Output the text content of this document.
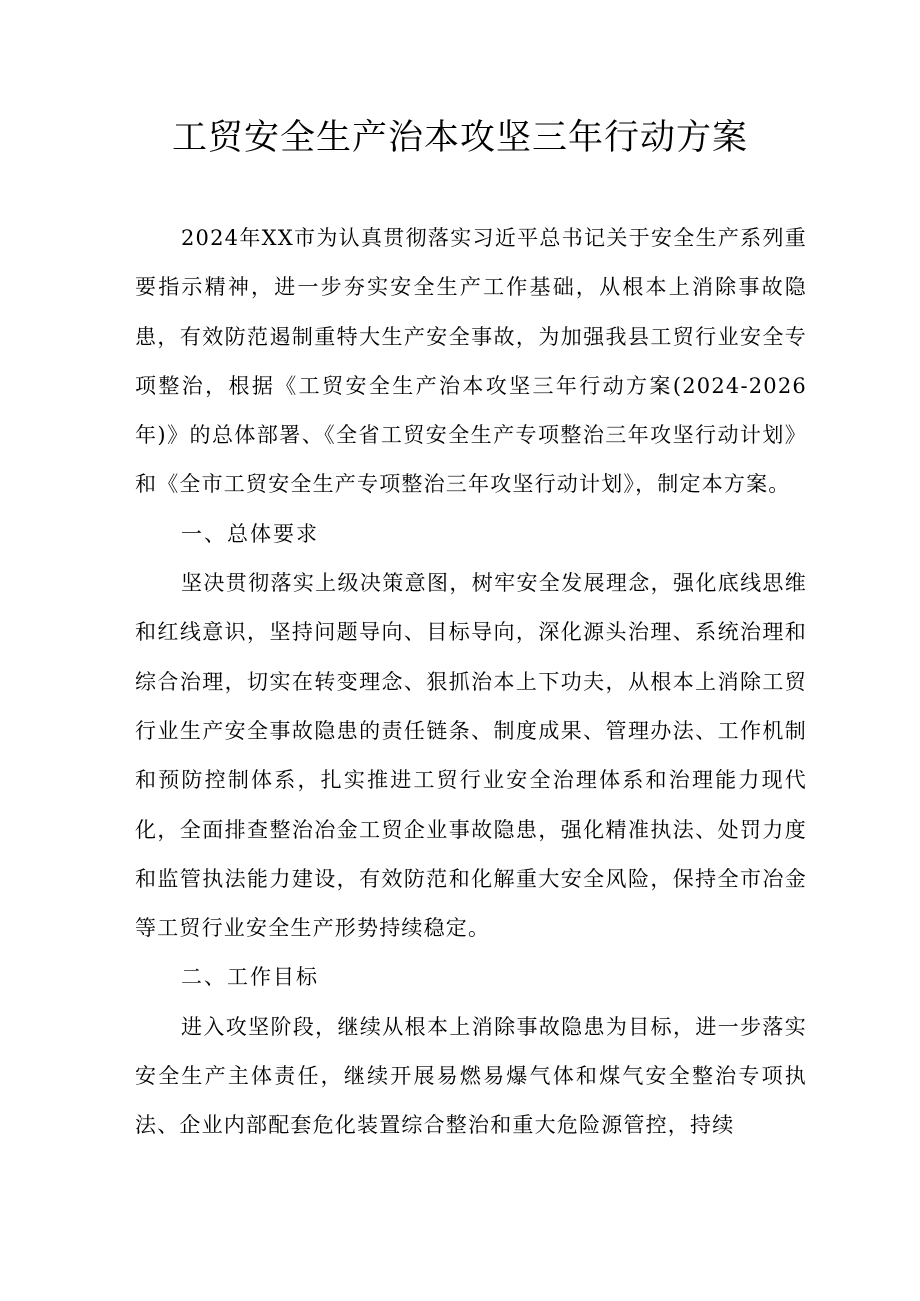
工贸安全生产治本攻坚三年行动方案

2024年XX市为认真贯彻落实习近平总书记关于安全生产系列重要指示精神，进一步夯实安全生产工作基础，从根本上消除事故隐患，有效防范遏制重特大生产安全事故，为加强我县工贸行业安全专项整治，根据《工贸安全生产治本攻坚三年行动方案(2024-2026年)》的总体部署、《全省工贸安全生产专项整治三年攻坚行动计划》和《全市工贸安全生产专项整治三年攻坚行动计划》，制定本方案。

一、总体要求

坚决贯彻落实上级决策意图，树牢安全发展理念，强化底线思维和红线意识，坚持问题导向、目标导向，深化源头治理、系统治理和综合治理，切实在转变理念、狠抓治本上下功夫，从根本上消除工贸行业生产安全事故隐患的责任链条、制度成果、管理办法、工作机制和预防控制体系，扎实推进工贸行业安全治理体系和治理能力现代化，全面排查整治冶金工贸企业事故隐患，强化精准执法、处罚力度和监管执法能力建设，有效防范和化解重大安全风险，保持全市冶金等工贸行业安全生产形势持续稳定。

二、工作目标

进入攻坚阶段，继续从根本上消除事故隐患为目标，进一步落实安全生产主体责任，继续开展易燃易爆气体和煤气安全整治专项执法、企业内部配套危化装置综合整治和重大危险源管控，持续
